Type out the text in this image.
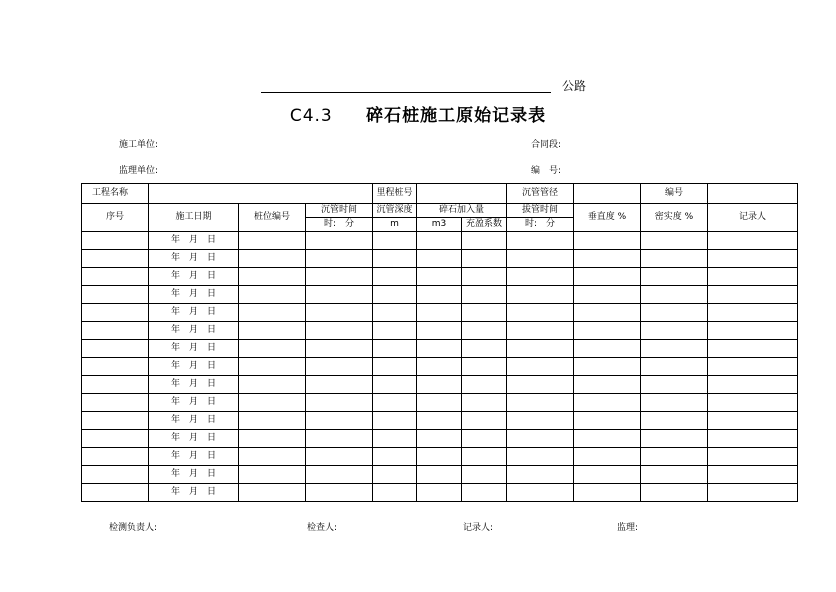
公路
C4.3 碎石桩施工原始记录表
施工单位:
监理单位:
合同段:
编　号:
工程名称				里程桩号			沉管管径		编号	
序号	施工日期	桩位编号	沉管时间	沉管深度	碎石加入量		拔管时间	垂直度 %	密实度 %	记录人
			时:　分	m	m3	充盈系数	时:　分			
	年 月 日									
	年 月 日									
	年 月 日									
	年 月 日									
	年 月 日									
	年 月 日									
	年 月 日									
	年 月 日									
	年 月 日									
	年 月 日									
	年 月 日									
	年 月 日									
	年 月 日									
	年 月 日									
	年 月 日									
检测负责人:	检查人:	记录人:	监理:
